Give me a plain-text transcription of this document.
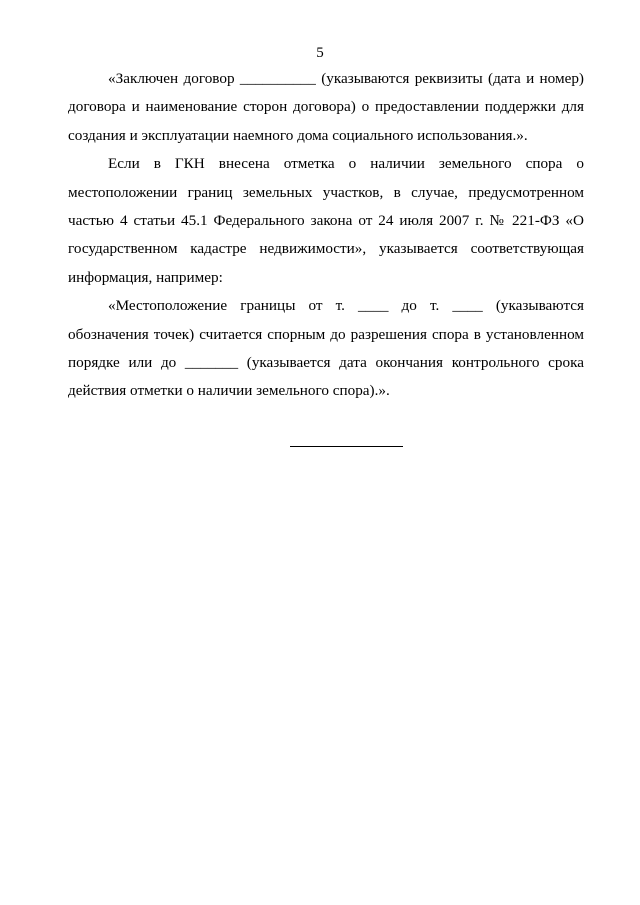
5

«Заключен договор __________ (указываются реквизиты (дата и номер) договора и наименование сторон договора) о предоставлении поддержки для создания и эксплуатации наемного дома социального использования.».

Если в ГКН внесена отметка о наличии земельного спора о местоположении границ земельных участков, в случае, предусмотренном частью 4 статьи 45.1 Федерального закона от 24 июля 2007 г. № 221-ФЗ «О государственном кадастре недвижимости», указывается соответствующая информация, например:

«Местоположение границы от т. ____ до т. ____ (указываются обозначения точек) считается спорным до разрешения спора в установленном порядке или до _______ (указывается дата окончания контрольного срока действия отметки о наличии земельного спора).».
